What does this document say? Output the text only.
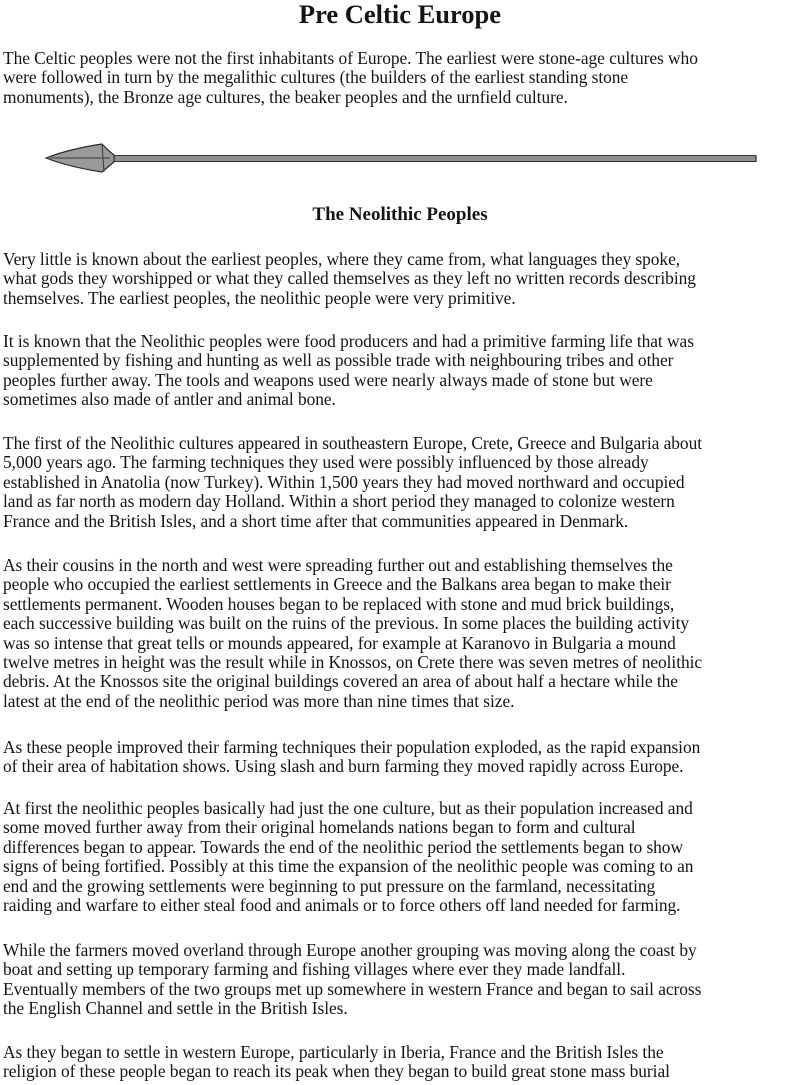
Pre Celtic Europe
The Celtic peoples were not the first inhabitants of Europe. The earliest were stone-age cultures who
were followed in turn by the megalithic cultures (the builders of the earliest standing stone
monuments), the Bronze age cultures, the beaker peoples and the urnfield culture.
The Neolithic Peoples
Very little is known about the earliest peoples, where they came from, what languages they spoke,
what gods they worshipped or what they called themselves as they left no written records describing
themselves. The earliest peoples, the neolithic people were very primitive.
It is known that the Neolithic peoples were food producers and had a primitive farming life that was
supplemented by fishing and hunting as well as possible trade with neighbouring tribes and other
peoples further away. The tools and weapons used were nearly always made of stone but were
sometimes also made of antler and animal bone.
The first of the Neolithic cultures appeared in southeastern Europe, Crete, Greece and Bulgaria about
5,000 years ago. The farming techniques they used were possibly influenced by those already
established in Anatolia (now Turkey). Within 1,500 years they had moved northward and occupied
land as far north as modern day Holland. Within a short period they managed to colonize western
France and the British Isles, and a short time after that communities appeared in Denmark.
As their cousins in the north and west were spreading further out and establishing themselves the
people who occupied the earliest settlements in Greece and the Balkans area began to make their
settlements permanent. Wooden houses began to be replaced with stone and mud brick buildings,
each successive building was built on the ruins of the previous. In some places the building activity
was so intense that great tells or mounds appeared, for example at Karanovo in Bulgaria a mound
twelve metres in height was the result while in Knossos, on Crete there was seven metres of neolithic
debris. At the Knossos site the original buildings covered an area of about half a hectare while the
latest at the end of the neolithic period was more than nine times that size.
As these people improved their farming techniques their population exploded, as the rapid expansion
of their area of habitation shows. Using slash and burn farming they moved rapidly across Europe.
At first the neolithic peoples basically had just the one culture, but as their population increased and
some moved further away from their original homelands nations began to form and cultural
differences began to appear. Towards the end of the neolithic period the settlements began to show
signs of being fortified. Possibly at this time the expansion of the neolithic people was coming to an
end and the growing settlements were beginning to put pressure on the farmland, necessitating
raiding and warfare to either steal food and animals or to force others off land needed for farming.
While the farmers moved overland through Europe another grouping was moving along the coast by
boat and setting up temporary farming and fishing villages where ever they made landfall.
Eventually members of the two groups met up somewhere in western France and began to sail across
the English Channel and settle in the British Isles.
As they began to settle in western Europe, particularly in Iberia, France and the British Isles the
religion of these people began to reach its peak when they began to build great stone mass burial
